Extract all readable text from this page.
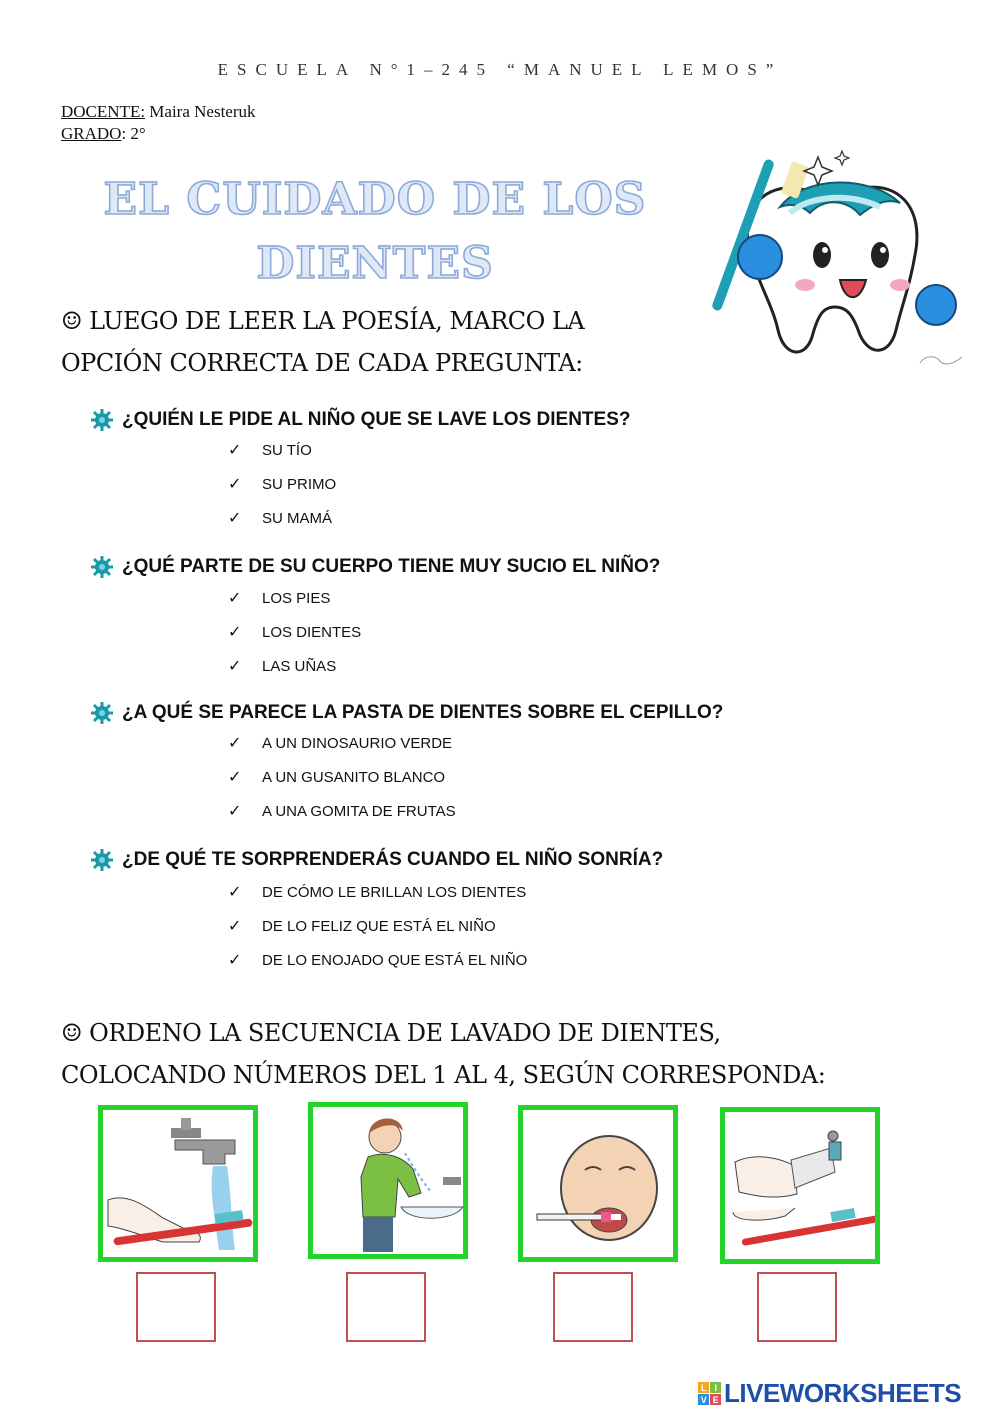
ESCUELA N°1–245 “MANUEL LEMOS”
DOCENTE: Maira Nesteruk
GRADO: 2°
EL CUIDADO DE LOS
DIENTES
☺ LUEGO DE LEER LA POESÍA, MARCO LA
OPCIÓN CORRECTA DE CADA PREGUNTA:
¿QUIÉN LE PIDE AL NIÑO QUE SE LAVE LOS DIENTES?
✓	SU TÍO
✓	SU PRIMO
✓	SU MAMÁ
¿QUÉ PARTE DE SU CUERPO TIENE MUY SUCIO EL NIÑO?
✓	LOS PIES
✓	LOS DIENTES
✓	LAS UÑAS
¿A QUÉ SE PARECE LA PASTA DE DIENTES SOBRE EL CEPILLO?
✓	A UN DINOSAURIO VERDE
✓	A UN GUSANITO BLANCO
✓	A UNA GOMITA DE FRUTAS
¿DE QUÉ TE SORPRENDERÁS CUANDO EL NIÑO SONRÍA?
✓	DE CÓMO LE BRILLAN LOS DIENTES
✓	DE LO FELIZ QUE ESTÁ EL NIÑO
✓	DE LO ENOJADO QUE ESTÁ EL NIÑO
☺ ORDENO LA SECUENCIA DE LAVADO DE DIENTES,
COLOCANDO NÚMEROS DEL 1 AL 4, SEGÚN CORRESPONDA:
L I
V E LIVEWORKSHEETS
